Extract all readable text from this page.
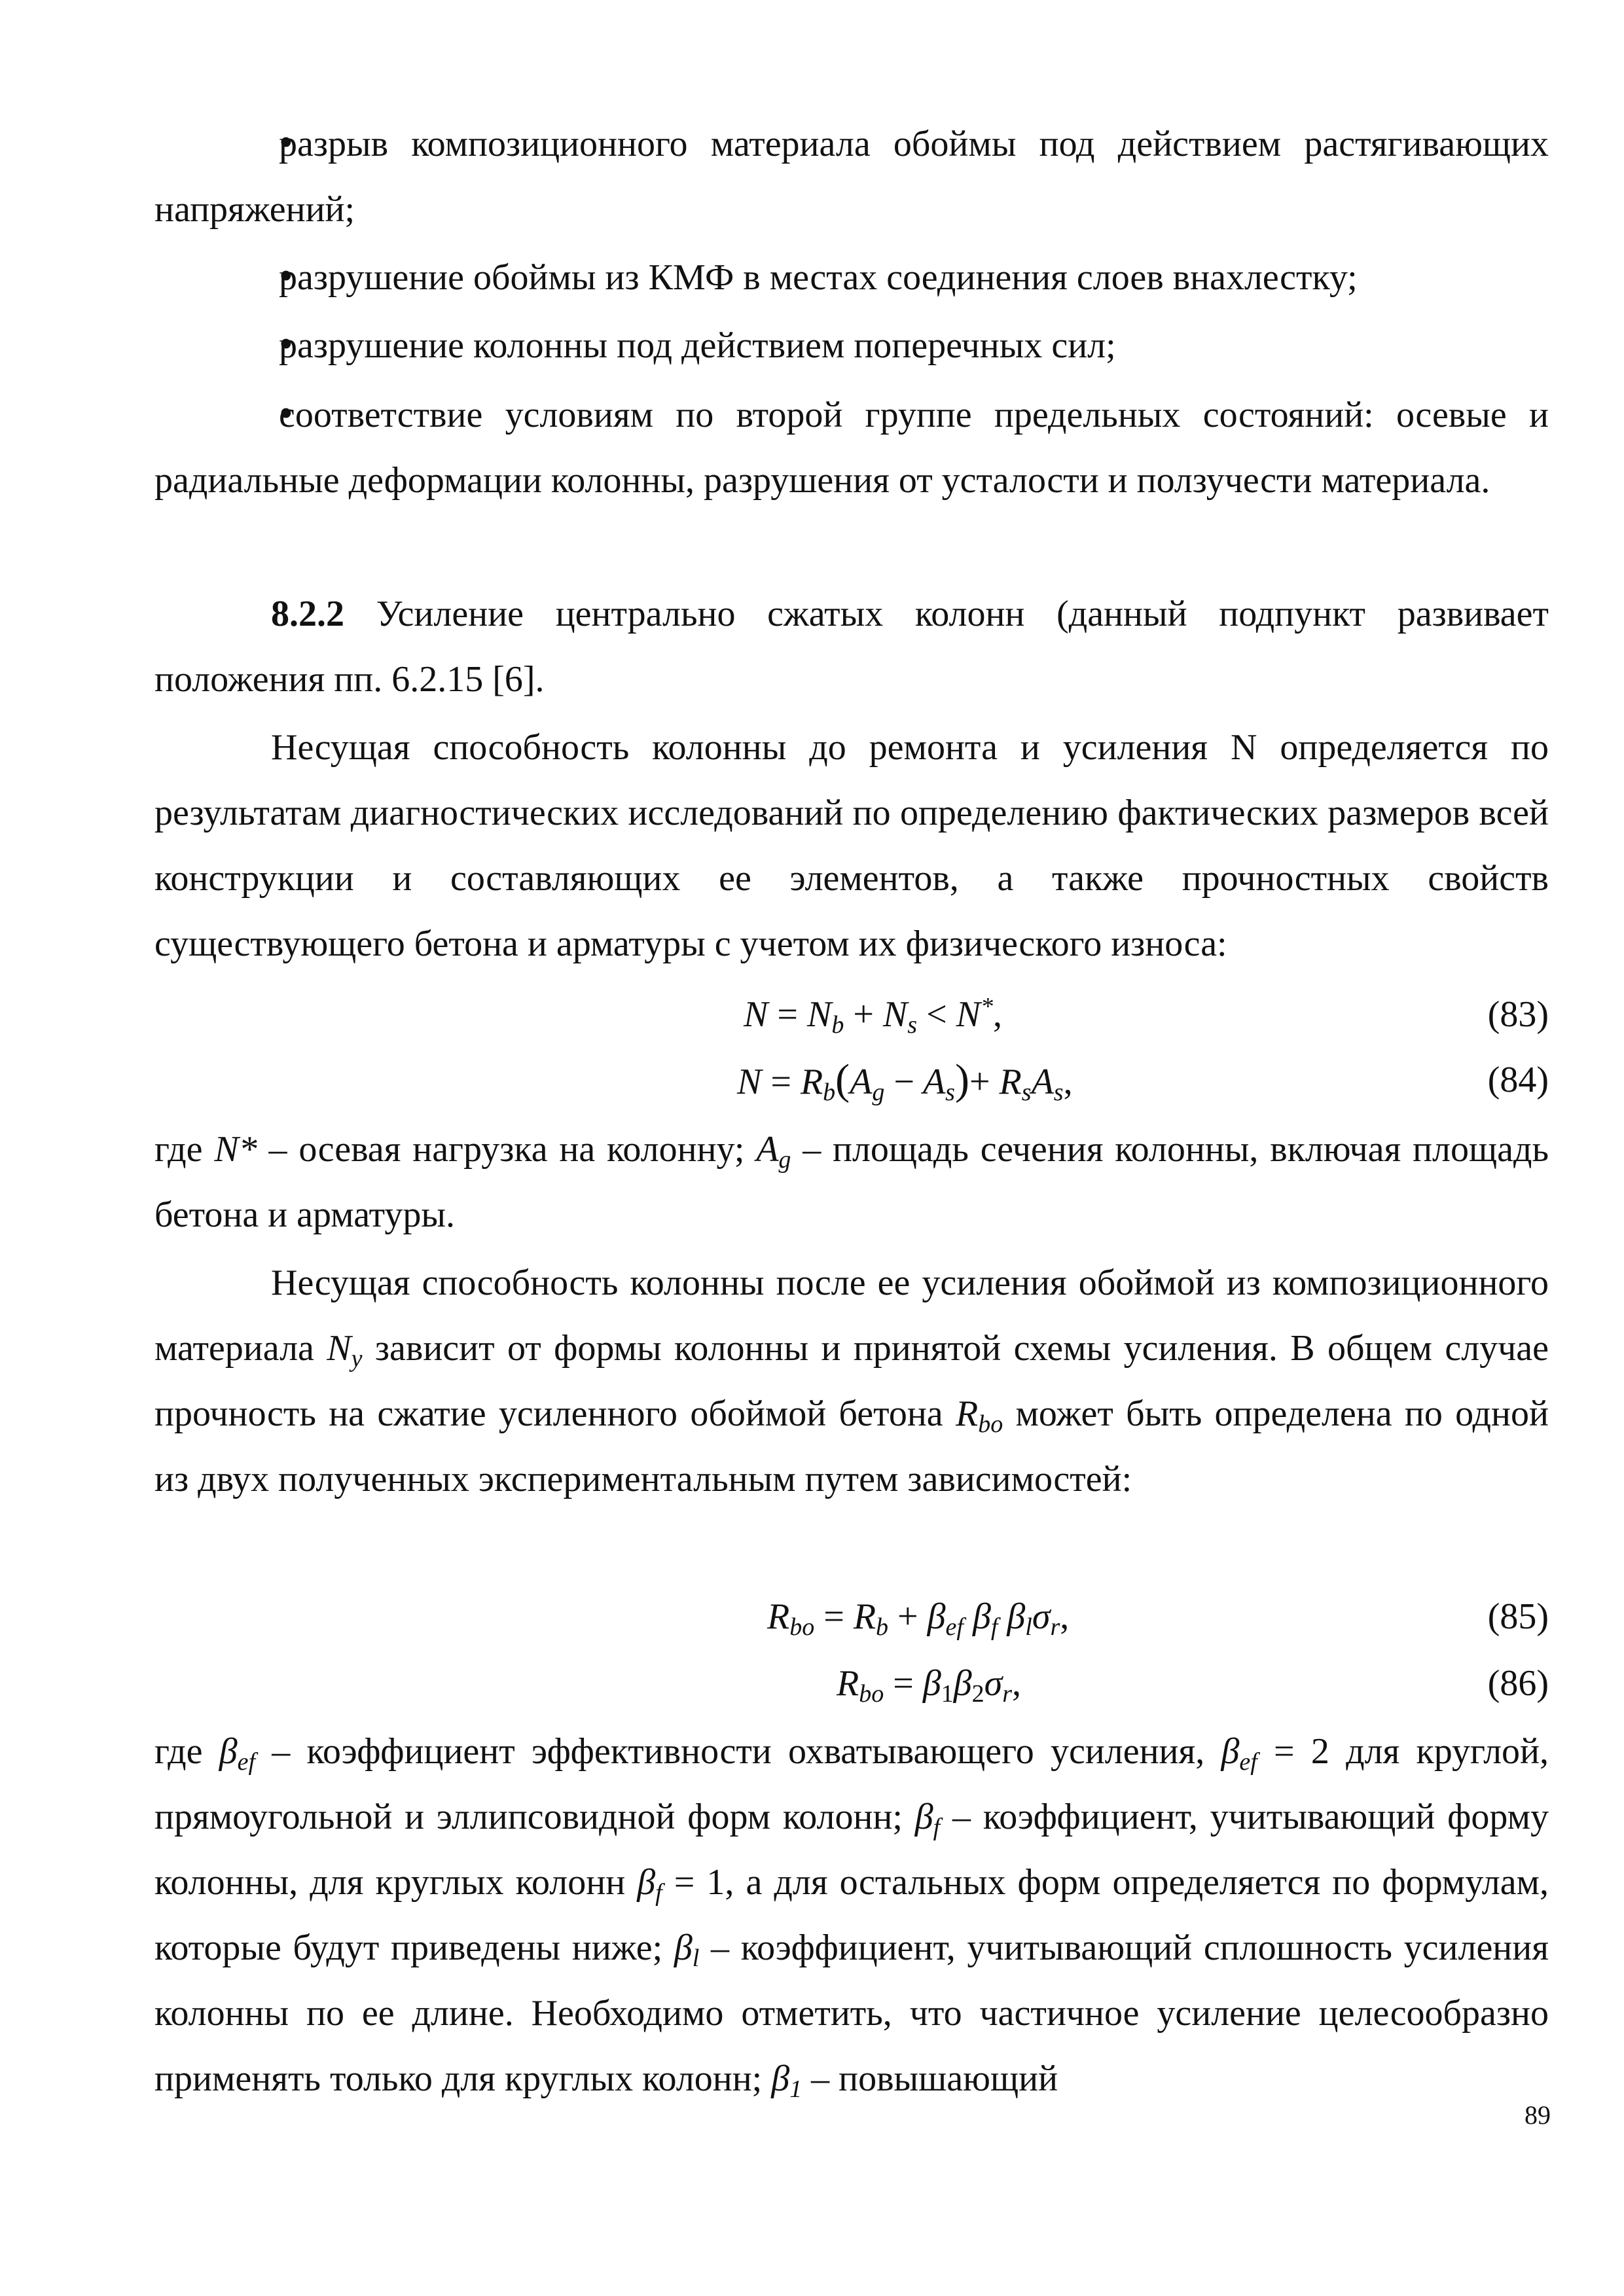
•разрыв композиционного материала обоймы под действием растягивающих напряжений;
•разрушение обоймы из КМФ в местах соединения слоев внахлестку;
•разрушение колонны под действием поперечных сил;
•соответствие условиям по второй группе предельных состояний: осевые и радиальные деформации колонны, разрушения от усталости и ползучести материала.
8.2.2 Усиление центрально сжатых колонн (данный подпункт развивает положения пп. 6.2.15 [6].
Несущая способность колонны до ремонта и усиления N определяется по результатам диагностических исследований по определению фактических размеров всей конструкции и составляющих ее элементов, а также прочностных свойств существующего бетона и арматуры с учетом их физического износа:
$N = N_b + N_s < N^*$,	(83)
$N = R_b(A_g - A_s)+ R_sA_s$,	(84)
где N* – осевая нагрузка на колонну; $A_g$ – площадь сечения колонны, включая площадь бетона и арматуры.
Несущая способность колонны после ее усиления обоймой из композиционного материала $N_y$ зависит от формы колонны и принятой схемы усиления. В общем случае прочность на сжатие усиленного обоймой бетона $R_{bo}$ может быть определена по одной из двух полученных экспериментальным путем зависимостей:
$R_{bo} = R_b + \beta_{ef}$ $\beta_f$ $\beta_l\sigma_r$,	(85)
$R_{bo} = \beta_1\beta_2\sigma_r$,	(86)
где $\beta_{ef}$ – коэффициент эффективности охватывающего усиления, $\beta_{ef} = 2$ для круглой, прямоугольной и эллипсовидной форм колонн; $\beta_f$ – коэффициент, учитывающий форму колонны, для круглых колонн $\beta_f = 1$, а для остальных форм определяется по формулам, которые будут приведены ниже; $\beta_l$ – коэффициент, учитывающий сплошность усиления колонны по ее длине. Необходимо отметить, что частичное усиление целесообразно применять только для круглых колонн; $\beta_1$ – повышающий
89
